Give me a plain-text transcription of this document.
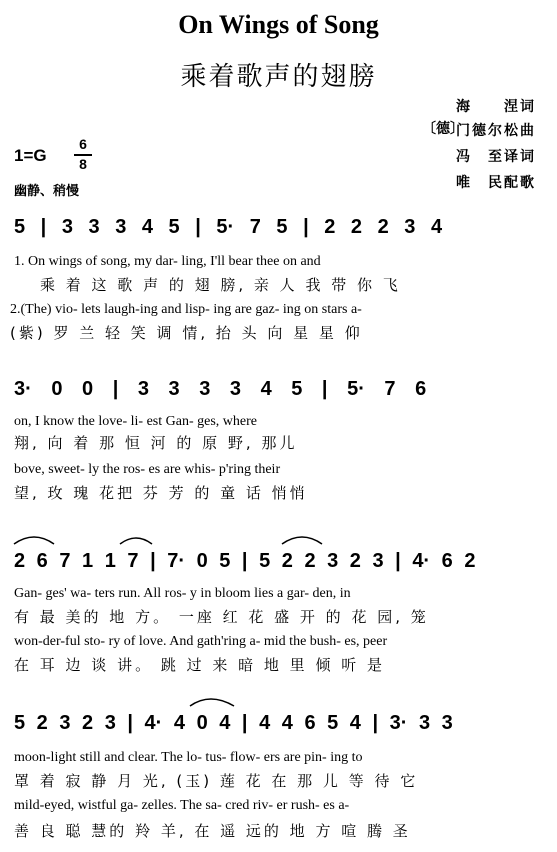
On Wings of Song
乘着歌声的翅膀
海　　涅词
〔德〕
门德尔松曲
冯　至译词
唯　民配歌
1=G
6
8
幽静、稍慢
5 | 3 3 3 4 5 | 5· 7 5 | 2 2 2 3 4
1. On wings of song, my dar- ling, I'll bear thee on and
乘 着 这 歌 声 的 翅 膀, 亲 人 我 带 你 飞
2.(The) vio- lets laugh-ing and lisp- ing are gaz- ing on stars a-
(紫) 罗 兰 轻 笑 调 情, 抬 头 向 星 星 仰
3· 0 0 | 3 3 3 3 4 5 | 5· 7 6
on, I know the love- li- est Gan- ges, where
翔, 向 着 那 恒 河 的 原 野, 那儿
bove, sweet- ly the ros- es are whis- p'ring their
望, 玫 瑰 花把 芬 芳 的 童 话 悄悄
2 6 7 1 1 7 | 7· 0 5 | 5 2 2 3 2 3 | 4· 6 2
Gan- ges' wa- ters run. All ros- y in bloom lies a gar- den, in
有 最 美的 地 方。 一座 红 花 盛 开 的 花 园, 笼
won-der-ful sto- ry of love. And gath'ring a- mid the bush- es, peer
在 耳 边 谈 讲。 跳 过 来 暗 地 里 倾 听 是
5 2 3 2 3 | 4· 4 0 4 | 4 4 6 5 4 | 3· 3 3
moon-light still and clear. The lo- tus- flow- ers are pin- ing to
罩 着 寂 静 月 光, (玉) 莲 花 在 那 儿 等 待 它
mild-eyed, wistful ga- zelles. The sa- cred riv- er rush- es a-
善 良 聪 慧的 羚 羊, 在 遥 远的 地 方 喧 腾 圣
